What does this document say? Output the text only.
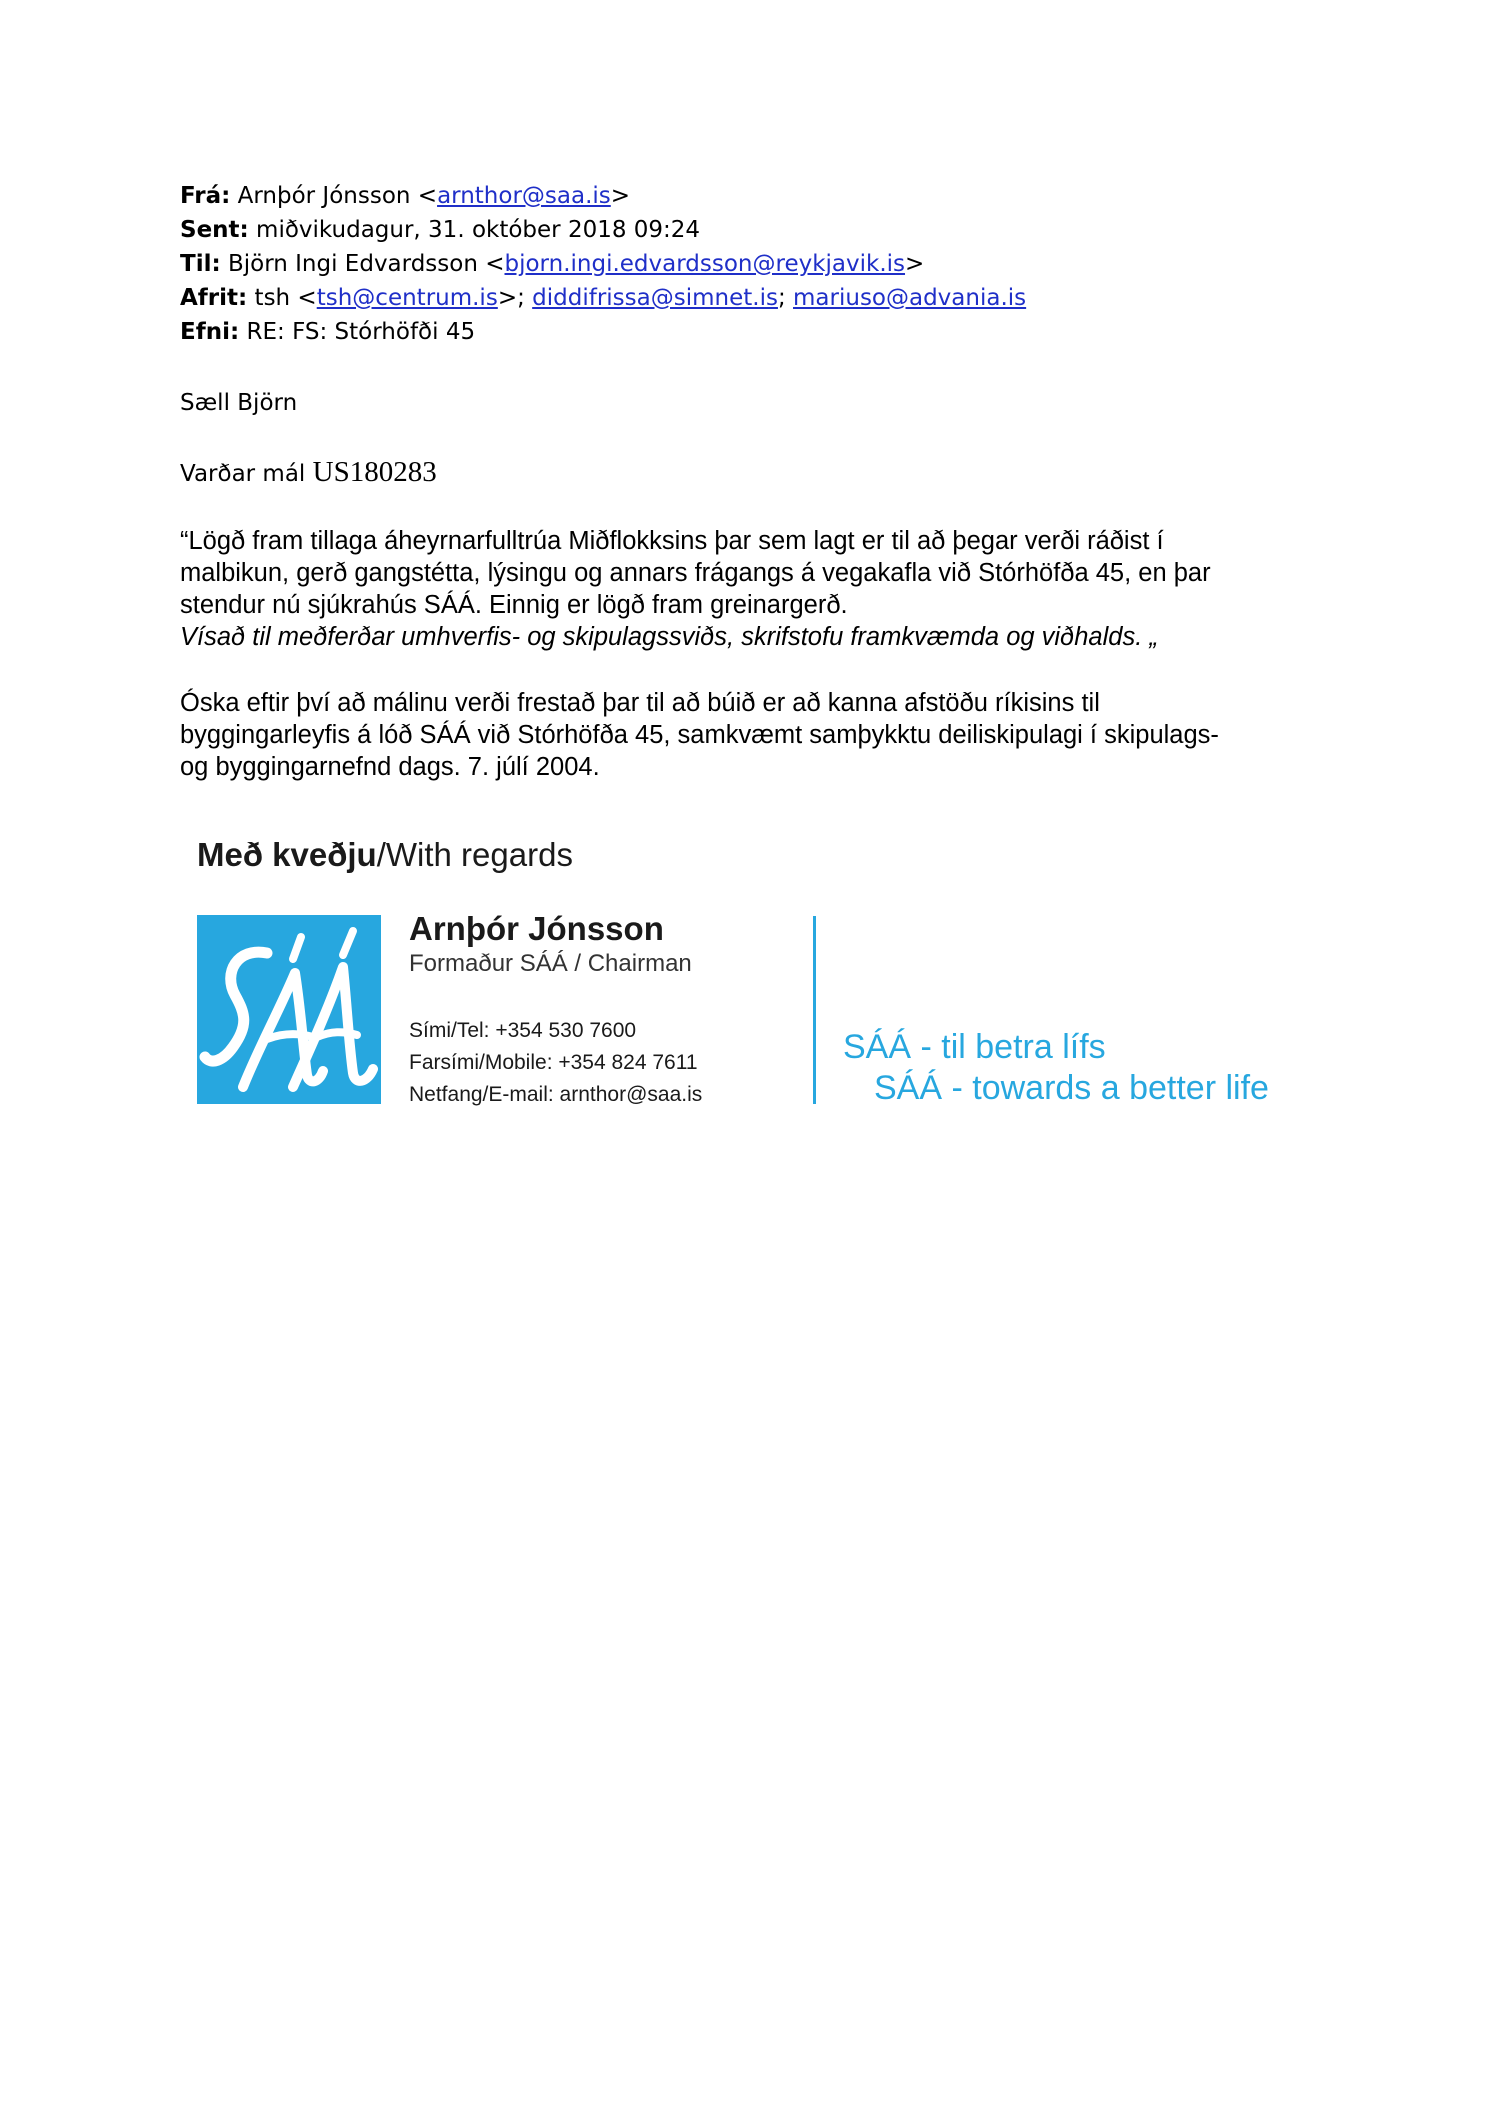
Frá: Arnþór Jónsson <arnthor@saa.is>
Sent: miðvikudagur, 31. október 2018 09:24
Til: Björn Ingi Edvardsson <bjorn.ingi.edvardsson@reykjavik.is>
Afrit: tsh <tsh@centrum.is>; diddifrissa@simnet.is; mariuso@advania.is
Efni: RE: FS: Stórhöfði 45
Sæll Björn
Varðar mál US180283
“Lögð fram tillaga áheyrnarfulltrúa Miðflokksins þar sem lagt er til að þegar verði ráðist í
malbikun, gerð gangstétta, lýsingu og annars frágangs á vegakafla við Stórhöfða 45, en þar
stendur nú sjúkrahús SÁÁ. Einnig er lögð fram greinargerð.
Vísað til meðferðar umhverfis- og skipulagssviðs, skrifstofu framkvæmda og viðhalds. „
Óska eftir því að málinu verði frestað þar til að búið er að kanna afstöðu ríkisins til
byggingarleyfis á lóð SÁÁ við Stórhöfða 45, samkvæmt samþykktu deiliskipulagi í skipulags-
og byggingarnefnd dags. 7. júlí 2004.
Með kveðju/With regards
Arnþór Jónsson
Formaður SÁÁ / Chairman
Sími/Tel: +354 530 7600
Farsími/Mobile: +354 824 7611
Netfang/E-mail: arnthor@saa.is
SÁÁ - til betra lífs
SÁÁ - towards a better life
